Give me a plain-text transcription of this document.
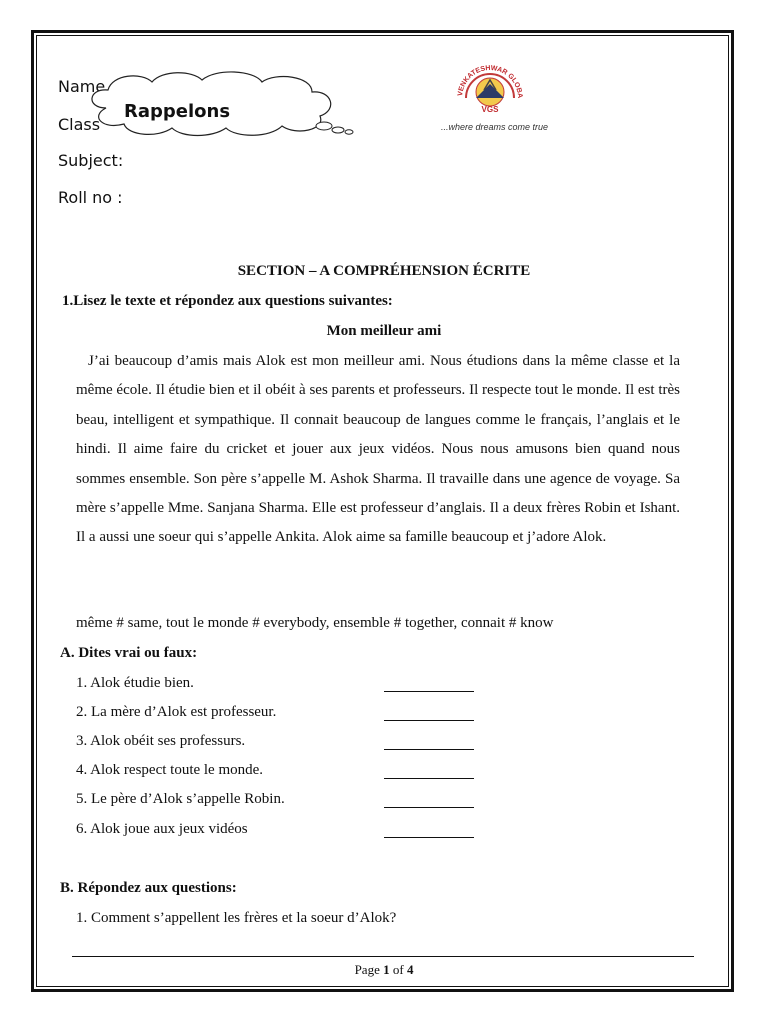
Name
Class
Subject:
Roll no :
Rappelons
VENKATESHWAR GLOBA
VGS
...where dreams come true
SECTION – A COMPRÉHENSION ÉCRITE
1.Lisez le texte et répondez aux questions suivantes:
Mon meilleur ami
J’ai beaucoup d’amis mais Alok est mon meilleur ami. Nous étudions dans la même classe et la même école. Il étudie bien et il obéit à ses parents et professeurs. Il respecte tout le monde. Il est très beau, intelligent et sympathique. Il connait beaucoup de langues comme le français, l’anglais et le hindi. Il aime faire du cricket et jouer aux jeux vidéos. Nous nous amusons bien quand nous sommes ensemble. Son père s’appelle M. Ashok Sharma. Il travaille dans une agence de voyage. Sa mère s’appelle Mme. Sanjana Sharma. Elle est professeur d’anglais. Il a deux frères Robin et Ishant. Il a aussi une soeur qui s’appelle Ankita. Alok aime sa famille beaucoup et j’adore Alok.
même # same, tout le monde # everybody, ensemble # together, connait # know
A. Dites vrai ou faux:
1. Alok étudie bien.
2. La mère d’Alok est professeur.
3. Alok obéit ses professurs.
4. Alok respect toute le monde.
5. Le père d’Alok s’appelle Robin.
6. Alok joue aux jeux vidéos
B. Répondez aux questions:
1. Comment s’appellent les frères et la soeur d’Alok?
Page 1 of 4
